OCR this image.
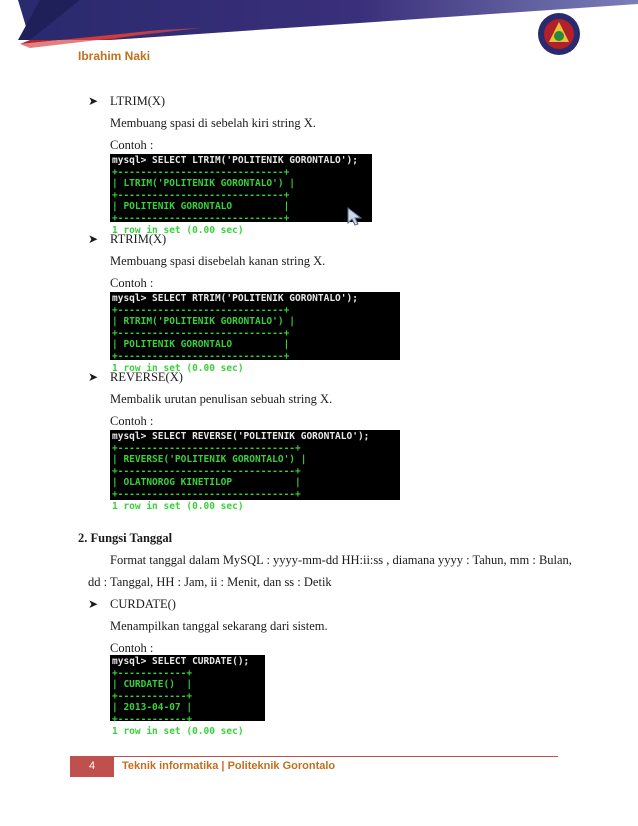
Ibrahim Naki
➤ LTRIM(X)
Membuang spasi di sebelah kiri string X.
Contoh :
mysql> SELECT LTRIM('POLITENIK GORONTALO');
+-----------------------------+
| LTRIM('POLITENIK GORONTALO') |
+-----------------------------+
| POLITENIK GORONTALO         |
+-----------------------------+
1 row in set (0.00 sec)
➤ RTRIM(X)
Membuang spasi disebelah kanan string X.
Contoh :
mysql> SELECT RTRIM('POLITENIK GORONTALO');
+-----------------------------+
| RTRIM('POLITENIK GORONTALO') |
+-----------------------------+
| POLITENIK GORONTALO         |
+-----------------------------+
1 row in set (0.00 sec)
➤ REVERSE(X)
Membalik urutan penulisan sebuah string X.
Contoh :
mysql> SELECT REVERSE('POLITENIK GORONTALO');
+-------------------------------+
| REVERSE('POLITENIK GORONTALO') |
+-------------------------------+
| OLATNOROG KINETILOP           |
+-------------------------------+
1 row in set (0.00 sec)
2. Fungsi Tanggal
Format tanggal dalam MySQL : yyyy-mm-dd HH:ii:ss , diamana yyyy : Tahun, mm : Bulan,
dd : Tanggal, HH : Jam, ii : Menit, dan ss : Detik
➤ CURDATE()
Menampilkan tanggal sekarang dari sistem.
Contoh :
mysql> SELECT CURDATE();
+------------+
| CURDATE()  |
+------------+
| 2013-04-07 |
+------------+
1 row in set (0.00 sec)
4	Teknik informatika | Politeknik Gorontalo
